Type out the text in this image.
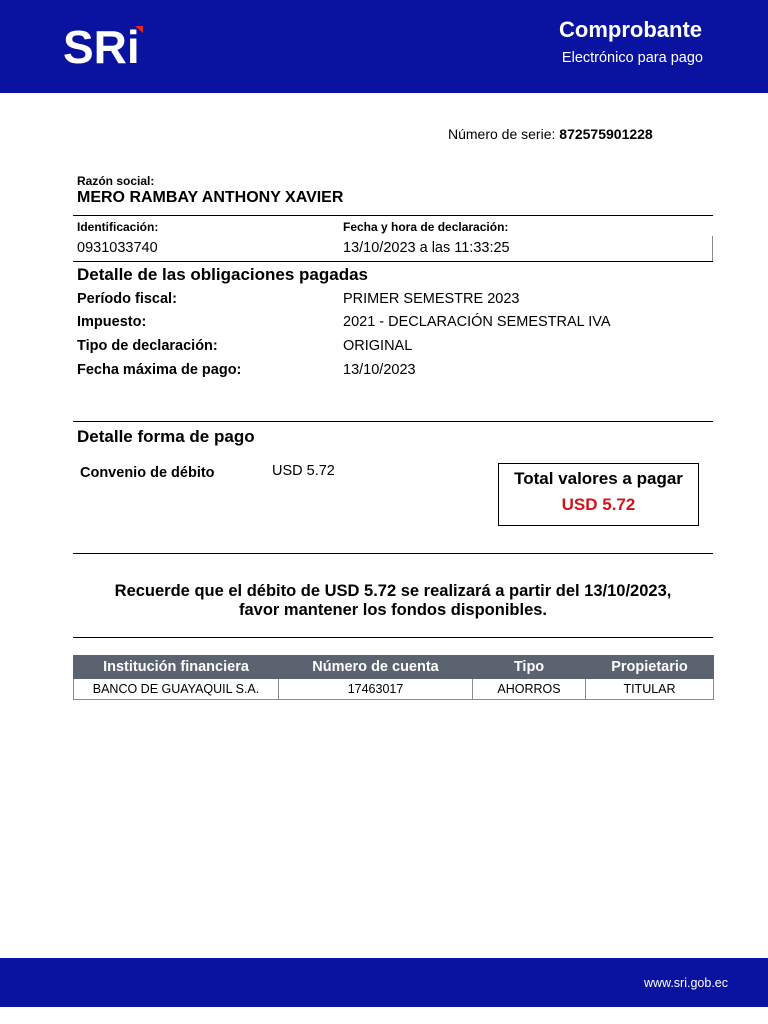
SRi	Comprobante
Electrónico para pago
Número de serie: 872575901228
Razón social:
MERO RAMBAY ANTHONY XAVIER
Identificación:	Fecha y hora de declaración:
0931033740	13/10/2023 a las 11:33:25
Detalle de las obligaciones pagadas
Período fiscal:	PRIMER SEMESTRE 2023
Impuesto:	2021 - DECLARACIÓN SEMESTRAL IVA
Tipo de declaración:	ORIGINAL
Fecha máxima de pago:	13/10/2023
Detalle forma de pago
Convenio de débito	USD 5.72	Total valores a pagar
USD 5.72
Recuerde que el débito de USD 5.72 se realizará a partir del 13/10/2023,
favor mantener los fondos disponibles.
Institución financiera	Número de cuenta	Tipo	Propietario
BANCO DE GUAYAQUIL S.A.	17463017	AHORROS	TITULAR
www.sri.gob.ec
